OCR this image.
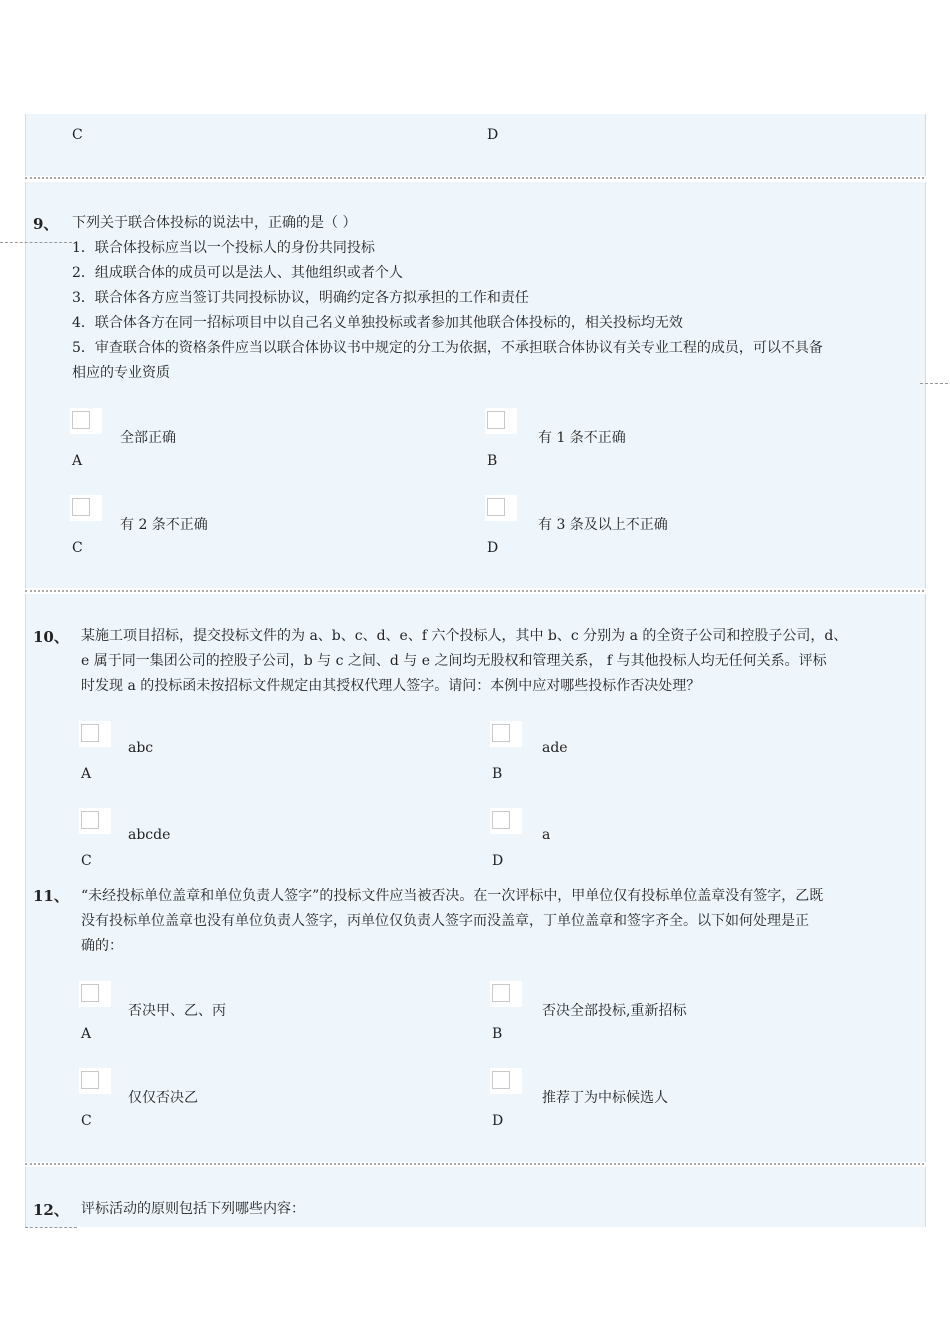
C	D
9、 下列关于联合体投标的说法中，正确的是（ ）
1．联合体投标应当以一个投标人的身份共同投标
2．组成联合体的成员可以是法人、其他组织或者个人
3．联合体各方应当签订共同投标协议，明确约定各方拟承担的工作和责任
4．联合体各方在同一招标项目中以自己名义单独投标或者参加其他联合体投标的，相关投标均无效
5．审查联合体的资格条件应当以联合体协议书中规定的分工为依据，不承担联合体协议有关专业工程的成员，可以不具备
相应的专业资质
全部正确
A
有 1 条不正确
B
有 2 条不正确
C
有 3 条及以上不正确
D
10、 某施工项目招标，提交投标文件的为 a、b、c、d、e、f 六个投标人，其中 b、c 分别为 a 的全资子公司和控股子公司，d、
e 属于同一集团公司的控股子公司，b 与 c 之间、d 与 e 之间均无股权和管理关系， f 与其他投标人均无任何关系。评标
时发现 a 的投标函未按招标文件规定由其授权代理人签字。请问：本例中应对哪些投标作否决处理？
abc
A
ade
B
abcde
C
a
D
11、 “未经投标单位盖章和单位负责人签字”的投标文件应当被否决。在一次评标中，甲单位仅有投标单位盖章没有签字，乙既
没有投标单位盖章也没有单位负责人签字，丙单位仅负责人签字而没盖章，丁单位盖章和签字齐全。以下如何处理是正
确的：
否决甲、乙、丙
A
否决全部投标,重新招标
B
仅仅否决乙
C
推荐丁为中标候选人
D
12、 评标活动的原则包括下列哪些内容：
